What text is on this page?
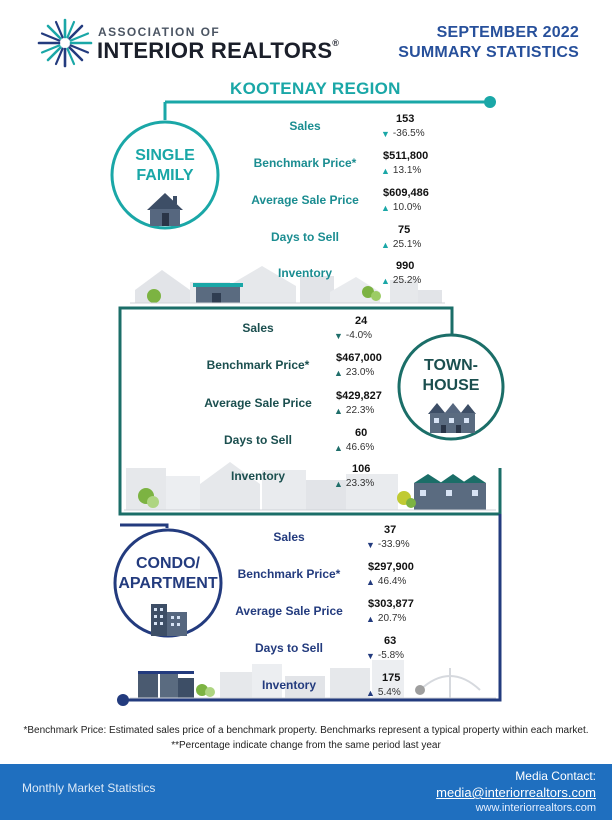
ASSOCIATION OF
INTERIOR REALTORS®
SEPTEMBER 2022
SUMMARY STATISTICS
KOOTENAY REGION
SINGLE
FAMILY
TOWN-
HOUSE
CONDO/
APARTMENT
Sales	153
▼ -36.5%
Benchmark Price*	$511,800
▲ 13.1%
Average Sale Price	$609,486
▲ 10.0%
Days to Sell	75
▲ 25.1%
Inventory	990
▲ 25.2%
Sales	24
▼ -4.0%
Benchmark Price*	$467,000
▲ 23.0%
Average Sale Price	$429,827
▲ 22.3%
Days to Sell	60
▲ 46.6%
Inventory	106
▲ 23.3%
Sales	37
▼ -33.9%
Benchmark Price*	$297,900
▲ 46.4%
Average Sale Price	$303,877
▲ 20.7%
Days to Sell	63
▼ -5.8%
Inventory	175
▲ 5.4%
*Benchmark Price: Estimated sales price of a benchmark property. Benchmarks represent a typical property within each market.
**Percentage indicate change from the same period last year
Monthly Market Statistics
Media Contact:
media@interiorrealtors.com
www.interiorrealtors.com
